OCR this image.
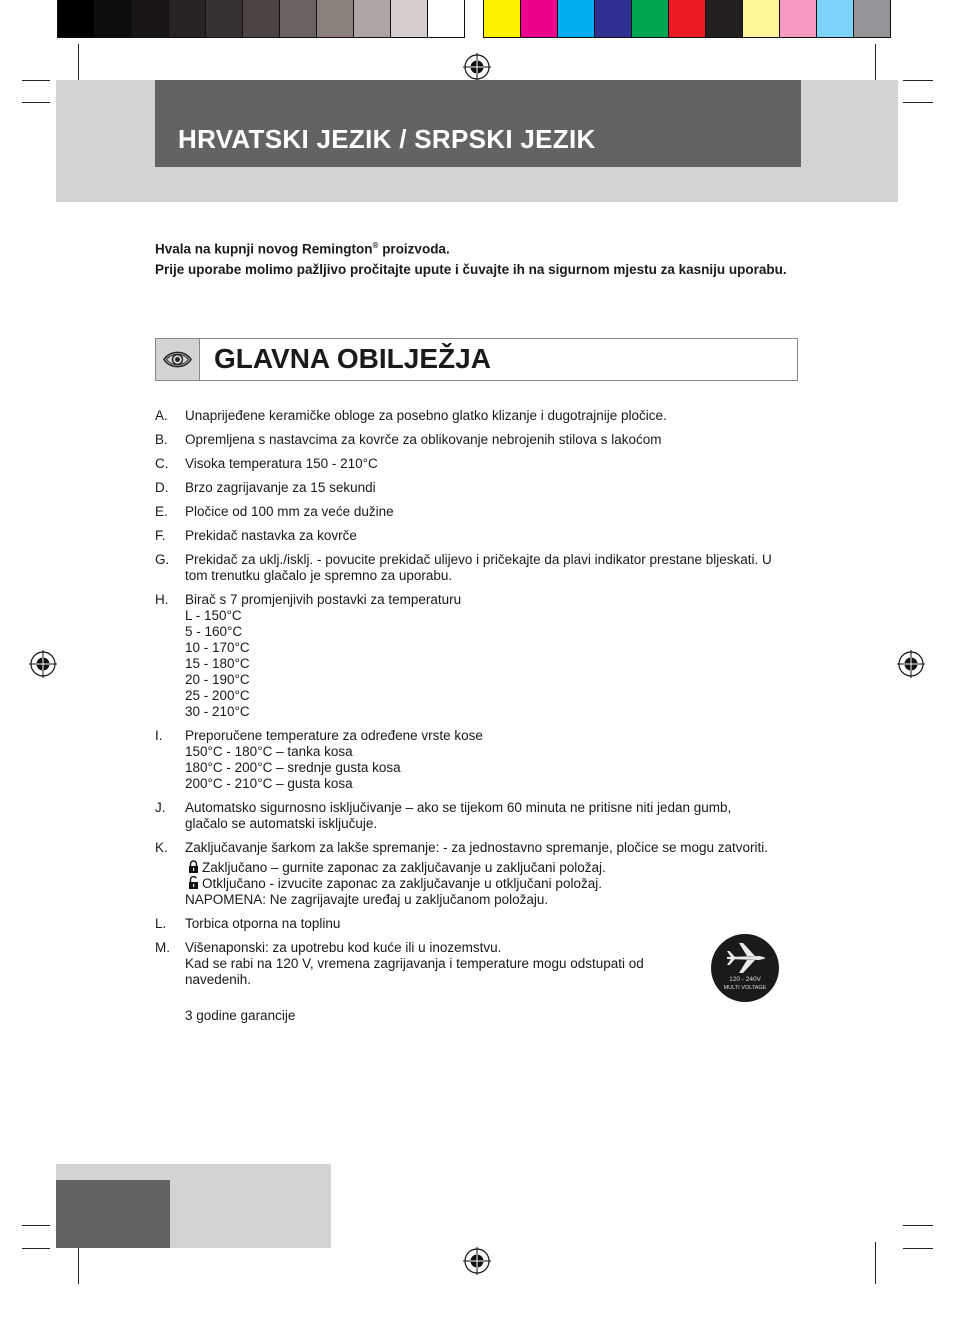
HRVATSKI JEZIK / SRPSKI JEZIK

Hvala na kupnji novog Remington® proizvoda.

Prije uporabe molimo pažljivo pročitajte upute i čuvajte ih na sigurnom mjestu za kasniju uporabu.

GLAVNA OBILJEŽJA
A.	Unaprijeđene keramičke obloge za posebno glatko klizanje i dugotrajnije pločice.
B.	Opremljena s nastavcima za kovrče za oblikovanje nebrojenih stilova s lakoćom
C.	Visoka temperatura 150 - 210°C
D.	Brzo zagrijavanje za 15 sekundi
E.	Pločice od 100 mm za veće dužine
F.	Prekidač nastavka za kovrče
G.	Prekidač za uklj./isklj. - povucite prekidač ulijevo i pričekajte da plavi indikator prestane bljeskati. U tom trenutku glačalo je spremno za uporabu.
H.	Birač s 7 promjenjivih postavki za temperaturu
L - 150°C
5 - 160°C
10 - 170°C
15 - 180°C
20 - 190°C
25 - 200°C
30 - 210°C
I.	Preporučene temperature za određene vrste kose
150°C - 180°C – tanka kosa
180°C - 200°C – srednje gusta kosa
200°C - 210°C – gusta kosa
J.	Automatsko sigurnosno isključivanje – ako se tijekom 60 minuta ne pritisne niti jedan gumb, glačalo se automatski isključuje.
K.	Zaključavanje šarkom za lakše spremanje: - za jednostavno spremanje, pločice se mogu zatvoriti.
Zaključano – gurnite zaponac za zaključavanje u zaključani položaj.
Otključano - izvucite zaponac za zaključavanje u otključani položaj.
NAPOMENA: Ne zagrijavajte uređaj u zaključanom položaju.
L.	Torbica otporna na toplinu
M.	Višenaponski: za upotrebu kod kuće ili u inozemstvu.
Kad se rabi na 120 V, vremena zagrijavanja i temperature mogu odstupati od navedenih.
3 godine garancije
120 - 240V
MULTI VOLTAGE
